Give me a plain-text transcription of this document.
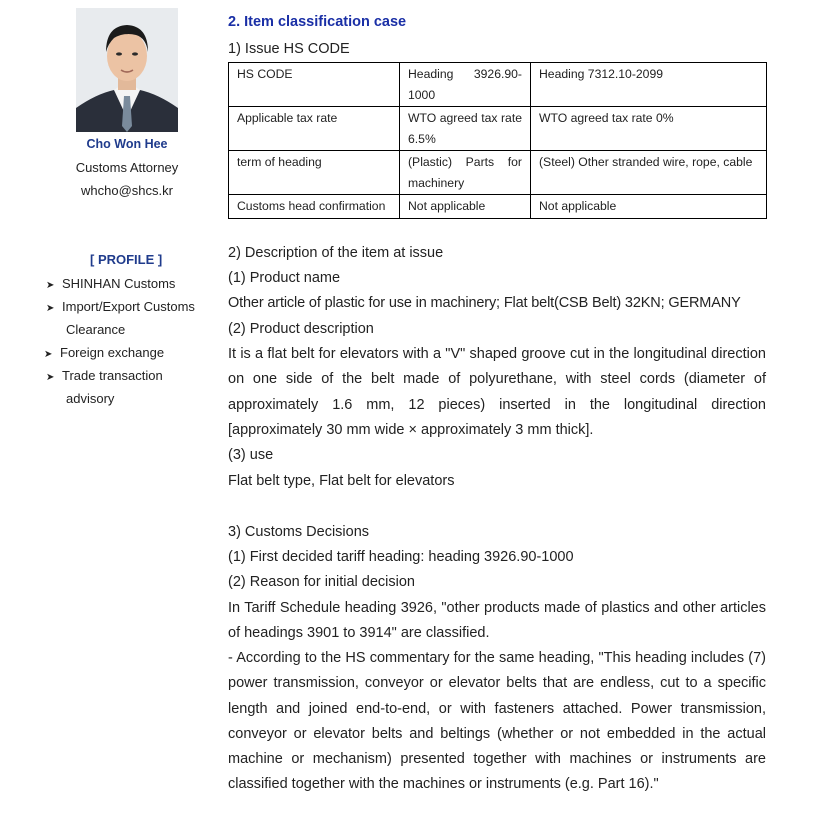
Cho Won Hee
Customs Attorney
whcho@shcs.kr
[ PROFILE ]
➤ SHINHAN Customs
➤ Import/Export Customs
Clearance
➤ Foreign exchange
➤ Trade transaction
advisory
2. Item classification case
1) Issue HS CODE
HS CODE	Heading 3926.90-1000	Heading 7312.10-2099
Applicable tax rate	WTO agreed tax rate 6.5%	WTO agreed tax rate 0%
term of heading	(Plastic) Parts for machinery	(Steel) Other stranded wire, rope, cable
Customs head confirmation	Not applicable	Not applicable
2) Description of the item at issue
(1) Product name
Other article of plastic for use in machinery; Flat belt(CSB Belt) 32KN; GERMANY
(2) Product description
It is a flat belt for elevators with a "V" shaped groove cut in the longitudinal direction on one side of the belt made of polyurethane, with steel cords (diameter of approximately 1.6 mm, 12 pieces) inserted in the longitudinal direction [approximately 30 mm wide × approximately 3 mm thick].
(3) use
Flat belt type, Flat belt for elevators
3) Customs Decisions
(1) First decided tariff heading: heading 3926.90-1000
(2) Reason for initial decision
In Tariff Schedule heading 3926, "other products made of plastics and other articles of headings 3901 to 3914" are classified.
- According to the HS commentary for the same heading, "This heading includes (7) power transmission, conveyor or elevator belts that are endless, cut to a specific length and joined end-to-end, or with fasteners attached. Power transmission, conveyor or elevator belts and beltings (whether or not embedded in the actual machine or mechanism) presented together with machines or instruments are classified together with the machines or instruments (e.g. Part 16)."
